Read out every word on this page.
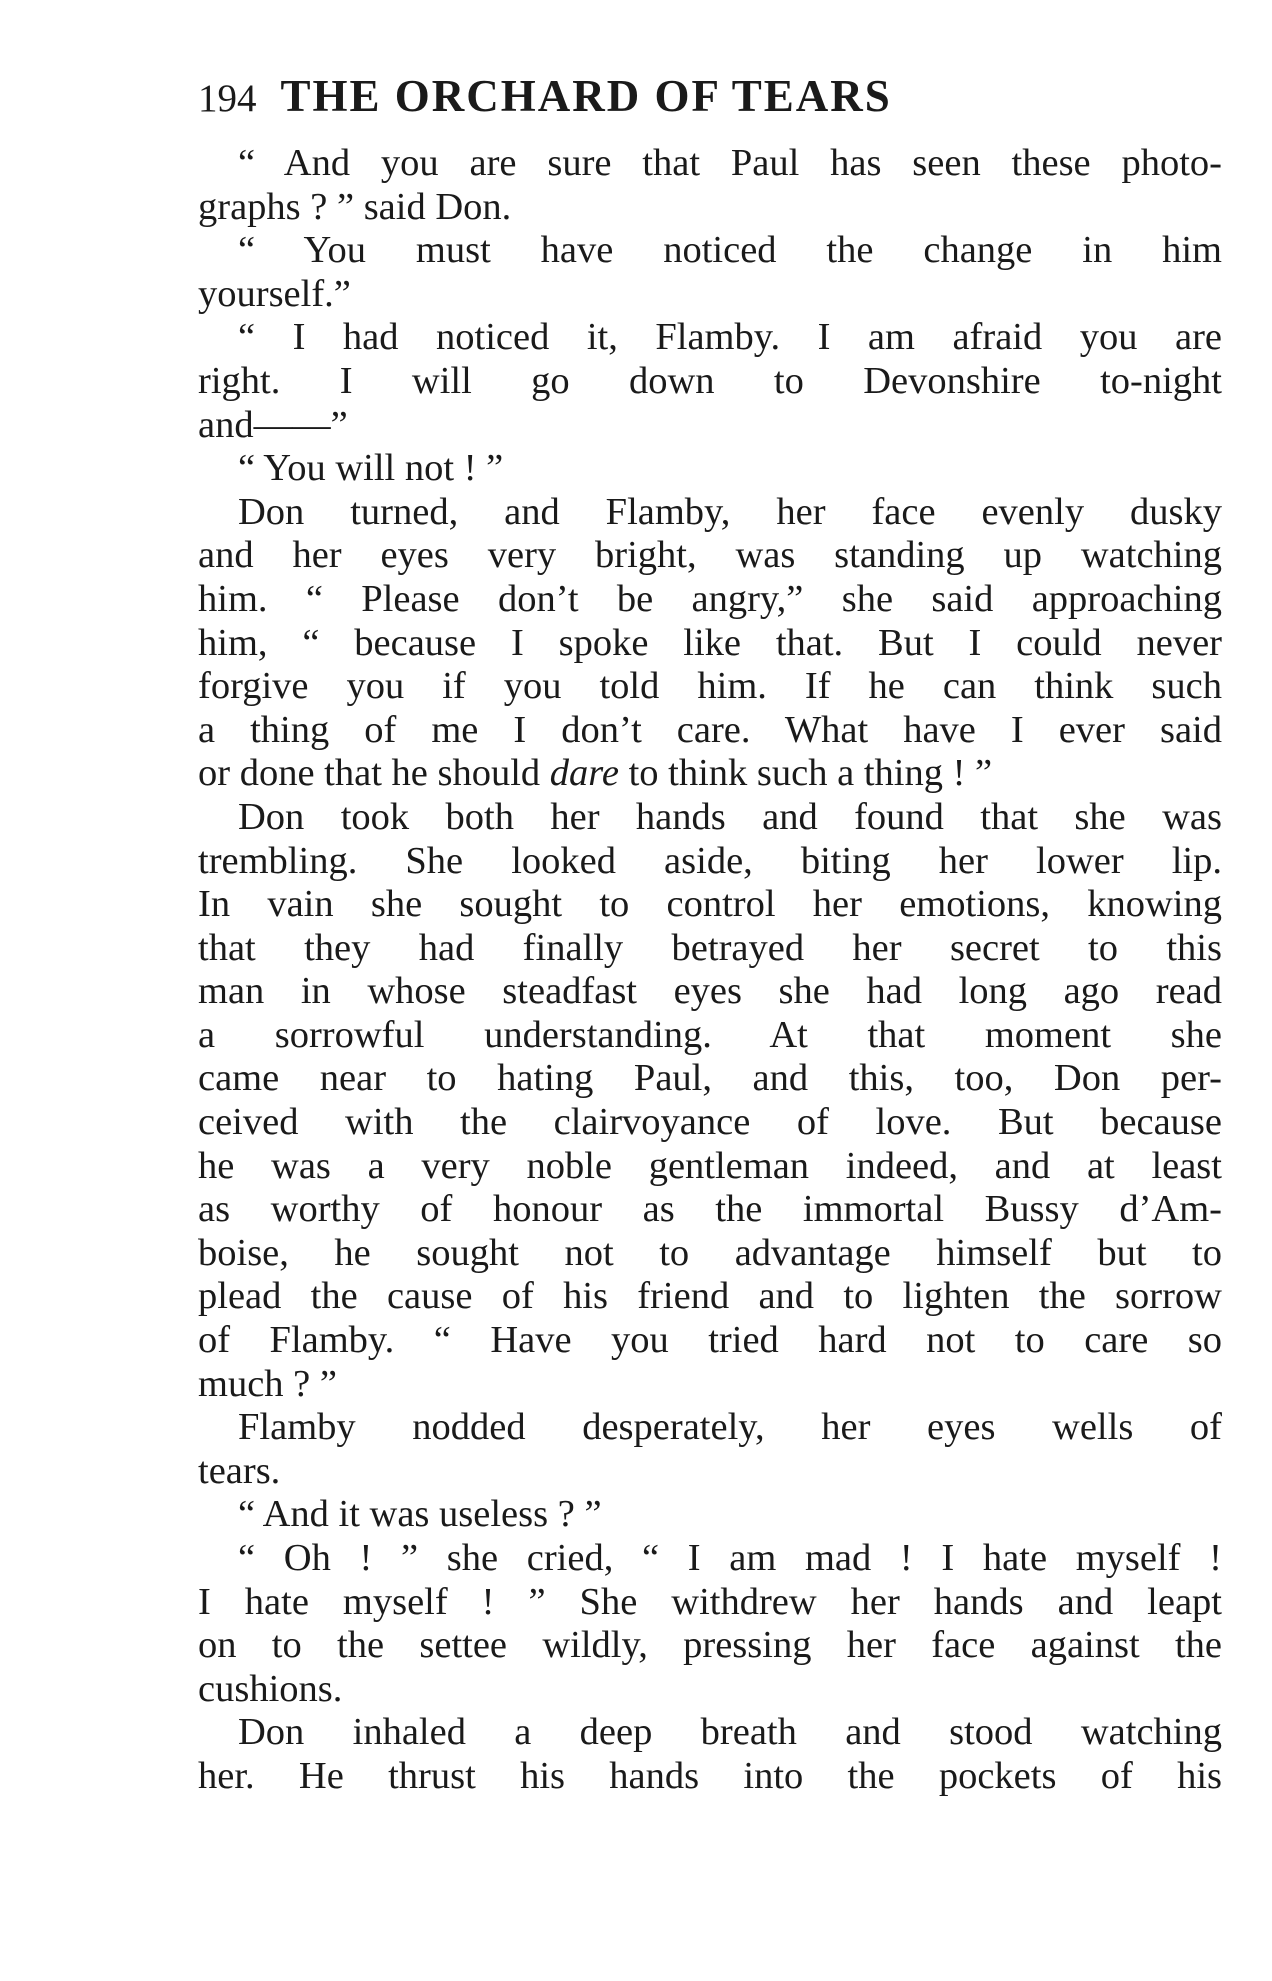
194 THE ORCHARD OF TEARS
“ And you are sure that Paul has seen these photo-
graphs ? ” said Don.
“ You must have noticed the change in him
yourself.”
“ I had noticed it, Flamby. I am afraid you are
right. I will go down to Devonshire to-night
and——”
“ You will not ! ”
Don turned, and Flamby, her face evenly dusky
and her eyes very bright, was standing up watching
him. “ Please don’t be angry,” she said approaching
him, “ because I spoke like that. But I could never
forgive you if you told him. If he can think such
a thing of me I don’t care. What have I ever said
or done that he should dare to think such a thing ! ”
Don took both her hands and found that she was
trembling. She looked aside, biting her lower lip.
In vain she sought to control her emotions, knowing
that they had finally betrayed her secret to this
man in whose steadfast eyes she had long ago read
a sorrowful understanding. At that moment she
came near to hating Paul, and this, too, Don per-
ceived with the clairvoyance of love. But because
he was a very noble gentleman indeed, and at least
as worthy of honour as the immortal Bussy d’Am-
boise, he sought not to advantage himself but to
plead the cause of his friend and to lighten the sorrow
of Flamby. “ Have you tried hard not to care so
much ? ”
Flamby nodded desperately, her eyes wells of
tears.
“ And it was useless ? ”
“ Oh ! ” she cried, “ I am mad ! I hate myself !
I hate myself ! ” She withdrew her hands and leapt
on to the settee wildly, pressing her face against the
cushions.
Don inhaled a deep breath and stood watching
her. He thrust his hands into the pockets of his
